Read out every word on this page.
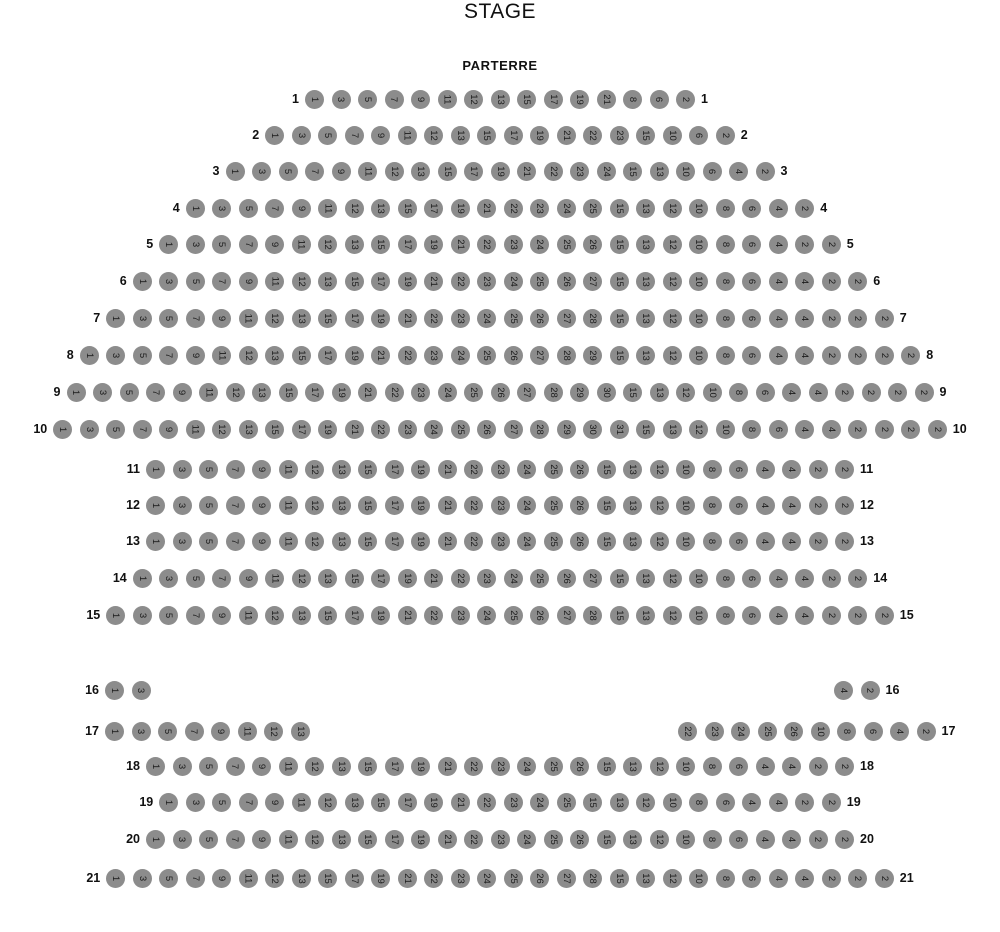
STAGE
PARTERRE
1	3	5	7	9	11	12	13	15	17	19	21	8	6	2
1	1
1	3	5	7	9	11	12	13	15	17	19	21	22	23	15	10	6	2
2	2
1	3	5	7	9	11	12	13	15	17	19	21	22	23	24	15	13	10	6	4	2
3	3
1	3	5	7	9	11	12	13	15	17	19	21	22	23	24	25	15	13	12	10	8	6	4	2
4	4
1	3	5	7	9	11	12	13	15	17	19	21	22	23	24	25	26	15	13	12	10	8	6	4	2	2
5	5
1	3	5	7	9	11	12	13	15	17	19	21	22	23	24	25	26	27	15	13	12	10	8	6	4	4	2	2
6	6
1	3	5	7	9	11	12	13	15	17	19	21	22	23	24	25	26	27	28	15	13	12	10	8	6	4	4	2	2	2
7	7
1	3	5	7	9	11	12	13	15	17	19	21	22	23	24	25	26	27	28	29	15	13	12	10	8	6	4	4	2	2	2	2
8	8
1	3	5	7	9	11	12	13	15	17	19	21	22	23	24	25	26	27	28	29	30	15	13	12	10	8	6	4	4	2	2	2	2
9	9
1	3	5	7	9	11	12	13	15	17	19	21	22	23	24	25	26	27	28	29	30	31	15	13	12	10	8	6	4	4	2	2	2	2
10	10
1	3	5	7	9	11	12	13	15	17	19	21	22	23	24	25	26	15	13	12	10	8	6	4	4	2	2
11	11
1	3	5	7	9	11	12	13	15	17	19	21	22	23	24	25	26	15	13	12	10	8	6	4	4	2	2
12	12
1	3	5	7	9	11	12	13	15	17	19	21	22	23	24	25	26	15	13	12	10	8	6	4	4	2	2
13	13
1	3	5	7	9	11	12	13	15	17	19	21	22	23	24	25	26	27	15	13	12	10	8	6	4	4	2	2
14	14
1	3	5	7	9	11	12	13	15	17	19	21	22	23	24	25	26	27	28	15	13	12	10	8	6	4	4	2	2	2
15	15
1	3	4	2
16	16
1	3	5	7	9	11	12	13	22	23	24	25	26	10	8	6	4	2
17	17
1	3	5	7	9	11	12	13	15	17	19	21	22	23	24	25	26	15	13	12	10	8	6	4	4	2	2
18	18
1	3	5	7	9	11	12	13	15	17	19	21	22	23	24	25	15	13	12	10	8	6	4	4	2	2
19	19
1	3	5	7	9	11	12	13	15	17	19	21	22	23	24	25	26	15	13	12	10	8	6	4	4	2	2
20	20
1	3	5	7	9	11	12	13	15	17	19	21	22	23	24	25	26	27	28	15	13	12	10	8	6	4	4	2	2	2
21	21
